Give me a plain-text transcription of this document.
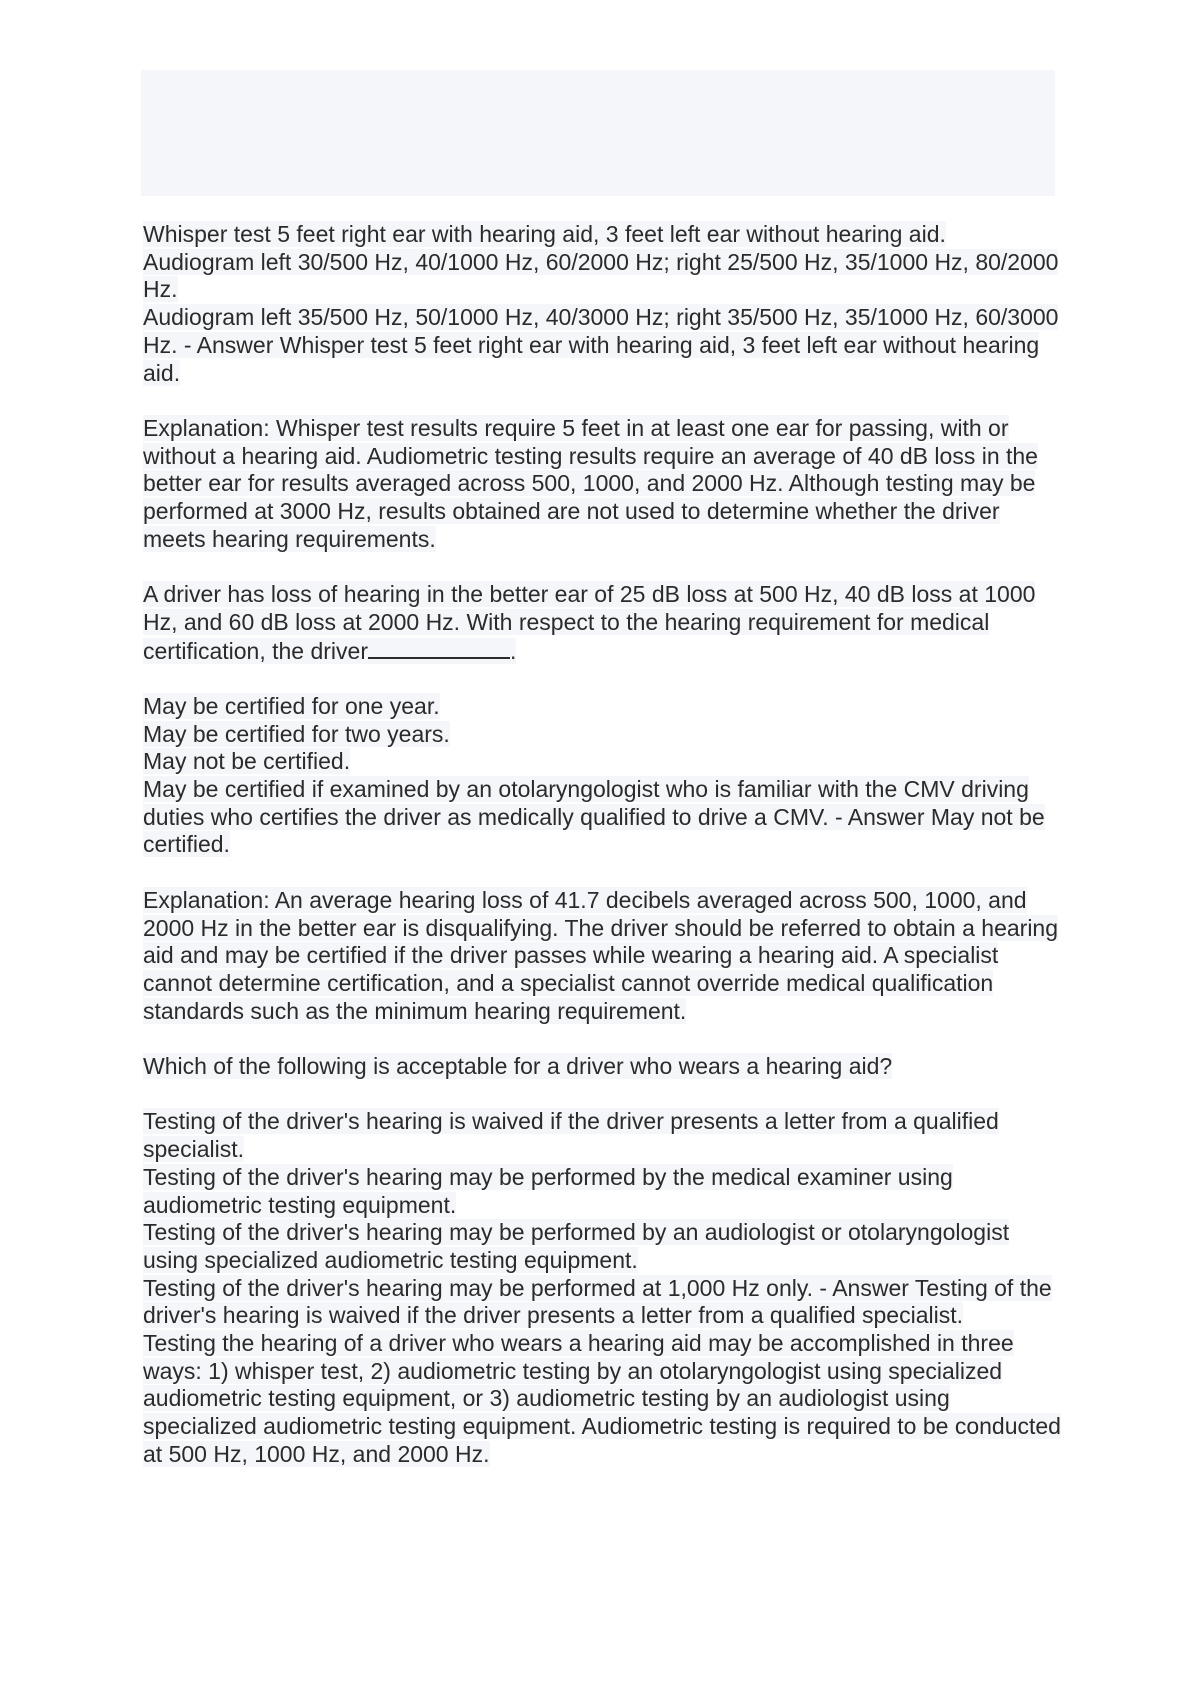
Whisper test 5 feet right ear with hearing aid, 3 feet left ear without hearing aid.
Audiogram left 30/500 Hz, 40/1000 Hz, 60/2000 Hz; right 25/500 Hz, 35/1000 Hz, 80/2000 Hz.
Audiogram left 35/500 Hz, 50/1000 Hz, 40/3000 Hz; right 35/500 Hz, 35/1000 Hz, 60/3000 Hz. - Answer Whisper test 5 feet right ear with hearing aid, 3 feet left ear without hearing aid.
Explanation: Whisper test results require 5 feet in at least one ear for passing, with or without a hearing aid. Audiometric testing results require an average of 40 dB loss in the better ear for results averaged across 500, 1000, and 2000 Hz. Although testing may be performed at 3000 Hz, results obtained are not used to determine whether the driver meets hearing requirements.
A driver has loss of hearing in the better ear of 25 dB loss at 500 Hz, 40 dB loss at 1000 Hz, and 60 dB loss at 2000 Hz. With respect to the hearing requirement for medical certification, the driver	.
May be certified for one year.
May be certified for two years.
May not be certified.
May be certified if examined by an otolaryngologist who is familiar with the CMV driving duties who certifies the driver as medically qualified to drive a CMV. - Answer May not be certified.
Explanation: An average hearing loss of 41.7 decibels averaged across 500, 1000, and 2000 Hz in the better ear is disqualifying. The driver should be referred to obtain a hearing aid and may be certified if the driver passes while wearing a hearing aid. A specialist cannot determine certification, and a specialist cannot override medical qualification standards such as the minimum hearing requirement.
Which of the following is acceptable for a driver who wears a hearing aid?
Testing of the driver's hearing is waived if the driver presents a letter from a qualified specialist.
Testing of the driver's hearing may be performed by the medical examiner using audiometric testing equipment.
Testing of the driver's hearing may be performed by an audiologist or otolaryngologist using specialized audiometric testing equipment.
Testing of the driver's hearing may be performed at 1,000 Hz only. - Answer Testing of the driver's hearing is waived if the driver presents a letter from a qualified specialist.
Testing the hearing of a driver who wears a hearing aid may be accomplished in three ways: 1) whisper test, 2) audiometric testing by an otolaryngologist using specialized audiometric testing equipment, or 3) audiometric testing by an audiologist using specialized audiometric testing equipment. Audiometric testing is required to be conducted at 500 Hz, 1000 Hz, and 2000 Hz.
